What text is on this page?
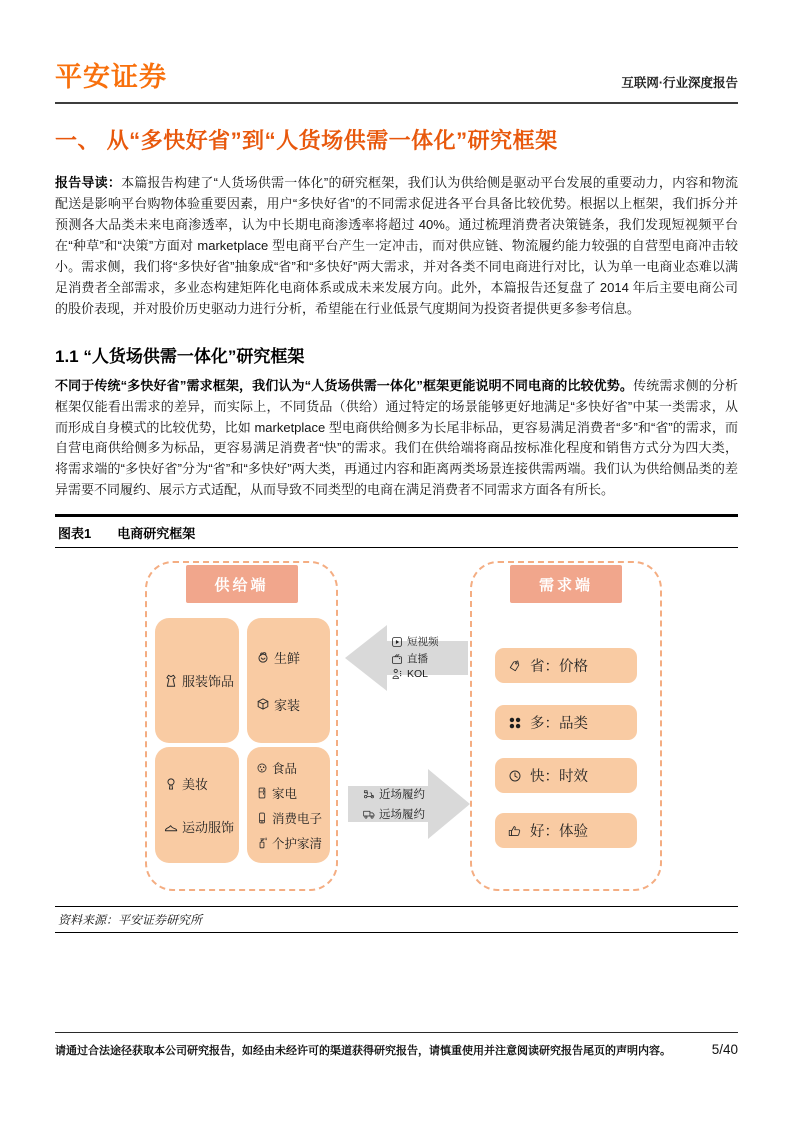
平安证券	互联网·行业深度报告
一、 从“多快好省”到“人货场供需一体化”研究框架

报告导读：本篇报告构建了“人货场供需一体化”的研究框架，我们认为供给侧是驱动平台发展的重要动力，内容和物流配送是影响平台购物体验重要因素，用户“多快好省”的不同需求促进各平台具备比较优势。根据以上框架，我们拆分并预测各大品类未来电商渗透率，认为中长期电商渗透率将超过 40%。通过梳理消费者决策链条，我们发现短视频平台在“种草”和“决策”方面对 marketplace 型电商平台产生一定冲击，而对供应链、物流履约能力较强的自营型电商冲击较小。需求侧，我们将“多快好省”抽象成“省”和“多快好”两大需求，并对各类不同电商进行对比，认为单一电商业态难以满足消费者全部需求，多业态构建矩阵化电商体系或成未来发展方向。此外，本篇报告还复盘了 2014 年后主要电商公司的股价表现，并对股价历史驱动力进行分析，希望能在行业低景气度期间为投资者提供更多参考信息。

1.1 “人货场供需一体化”研究框架

不同于传统“多快好省”需求框架，我们认为“人货场供需一体化”框架更能说明不同电商的比较优势。传统需求侧的分析框架仅能看出需求的差异，而实际上，不同货品（供给）通过特定的场景能够更好地满足“多快好省”中某一类需求，从而形成自身模式的比较优势，比如 marketplace 型电商供给侧多为长尾非标品，更容易满足消费者“多”和“省”的需求，而自营电商供给侧多为标品，更容易满足消费者“快”的需求。我们在供给端将商品按标准化程度和销售方式分为四大类，将需求端的“多快好省”分为“省”和“多快好”两大类，再通过内容和距离两类场景连接供需两端。我们认为供给侧品类的差异需要不同履约、展示方式适配，从而导致不同类型的电商在满足消费者不同需求方面各有所长。

图表1 电商研究框架
供给端
服装饰品
生鲜
家装
美妆
运动服饰
食品
家电
消费电子
个护家清
短视频
直播
KOL
近场履约
远场履约
需求端
省：价格
多：品类
快：时效
好：体验
资料来源：平安证券研究所
请通过合法途径获取本公司研究报告，如经由未经许可的渠道获得研究报告，请慎重使用并注意阅读研究报告尾页的声明内容。	5/40
